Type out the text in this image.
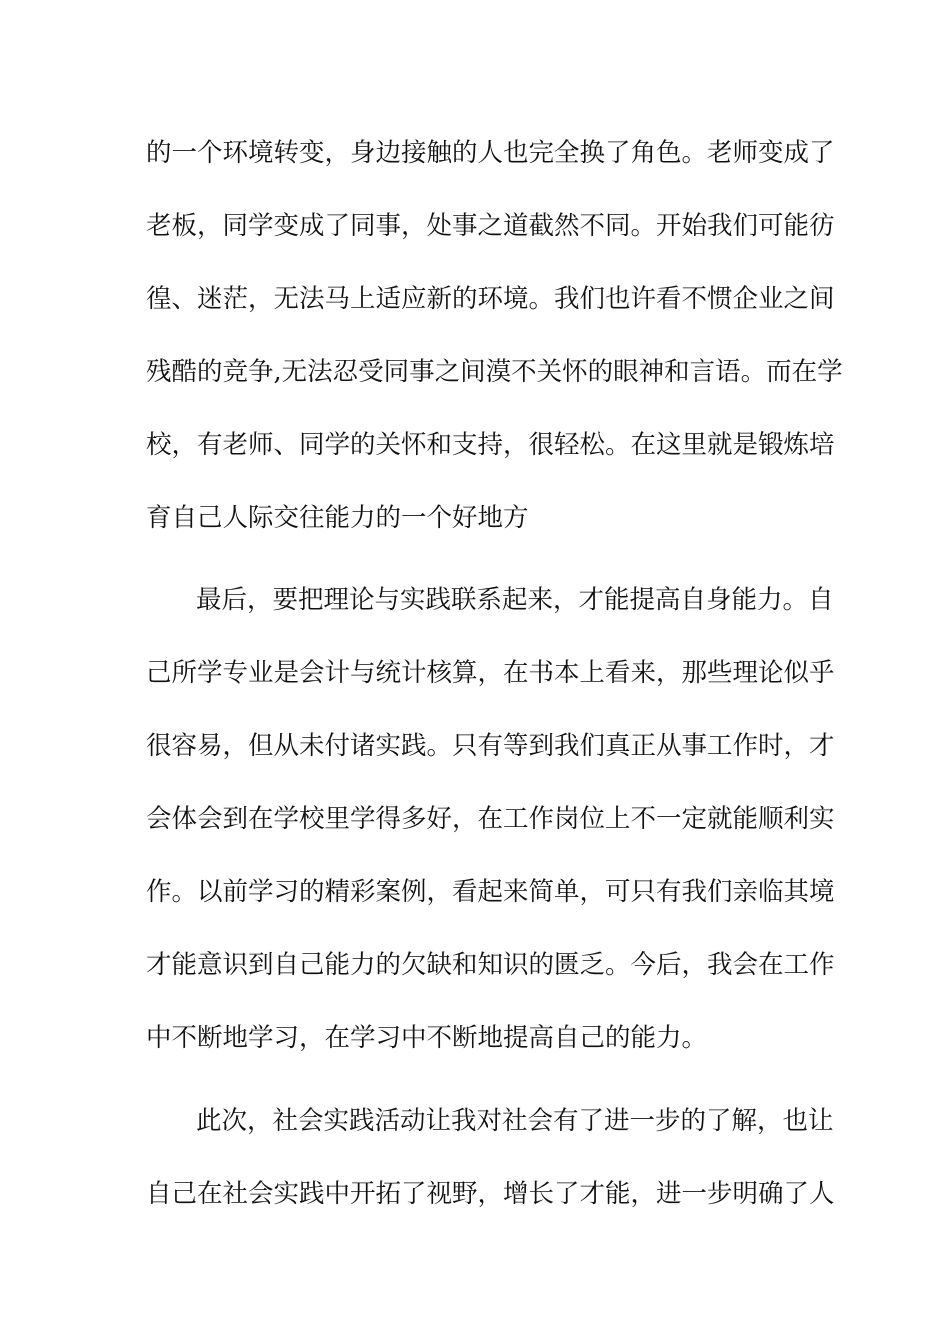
的一个环境转变，身边接触的人也完全换了角色。老师变成了
老板，同学变成了同事，处事之道截然不同。开始我们可能彷
徨、迷茫，无法马上适应新的环境。我们也许看不惯企业之间
残酷的竞争,无法忍受同事之间漠不关怀的眼神和言语。而在学
校，有老师、同学的关怀和支持，很轻松。在这里就是锻炼培
育自己人际交往能力的一个好地方
最后，要把理论与实践联系起来，才能提高自身能力。自
己所学专业是会计与统计核算，在书本上看来，那些理论似乎
很容易，但从未付诸实践。只有等到我们真正从事工作时，才
会体会到在学校里学得多好，在工作岗位上不一定就能顺利实
作。以前学习的精彩案例，看起来简单，可只有我们亲临其境
才能意识到自己能力的欠缺和知识的匮乏。今后，我会在工作
中不断地学习，在学习中不断地提高自己的能力。
此次，社会实践活动让我对社会有了进一步的了解，也让
自己在社会实践中开拓了视野，增长了才能，进一步明确了人
